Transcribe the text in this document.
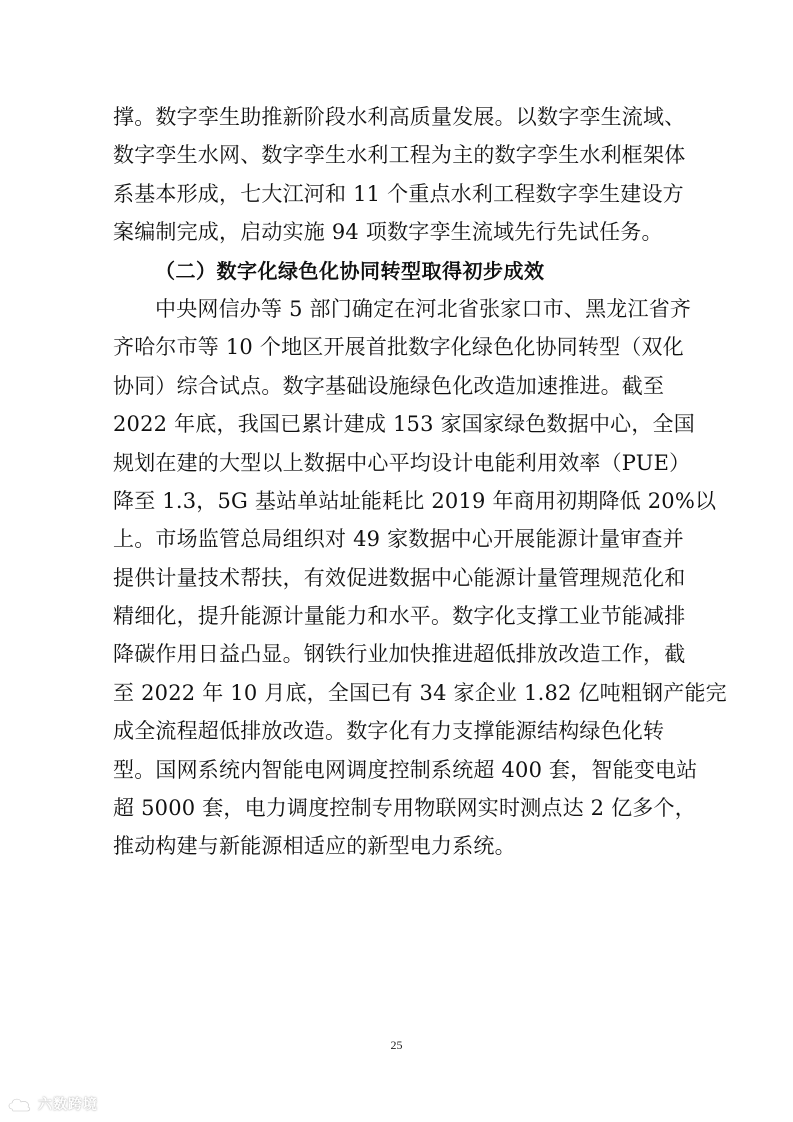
撑。数字孪生助推新阶段水利高质量发展。以数字孪生流域、
数字孪生水网、数字孪生水利工程为主的数字孪生水利框架体
系基本形成，七大江河和 11 个重点水利工程数字孪生建设方
案编制完成，启动实施 94 项数字孪生流域先行先试任务。
（二）数字化绿色化协同转型取得初步成效
中央网信办等 5 部门确定在河北省张家口市、黑龙江省齐
齐哈尔市等 10 个地区开展首批数字化绿色化协同转型（双化
协同）综合试点。数字基础设施绿色化改造加速推进。截至
2022 年底，我国已累计建成 153 家国家绿色数据中心，全国
规划在建的大型以上数据中心平均设计电能利用效率（PUE）
降至 1.3，5G 基站单站址能耗比 2019 年商用初期降低 20%以
上。市场监管总局组织对 49 家数据中心开展能源计量审查并
提供计量技术帮扶，有效促进数据中心能源计量管理规范化和
精细化，提升能源计量能力和水平。数字化支撑工业节能减排
降碳作用日益凸显。钢铁行业加快推进超低排放改造工作，截
至 2022 年 10 月底，全国已有 34 家企业 1.82 亿吨粗钢产能完
成全流程超低排放改造。数字化有力支撑能源结构绿色化转
型。国网系统内智能电网调度控制系统超 400 套，智能变电站
超 5000 套，电力调度控制专用物联网实时测点达 2 亿多个，
推动构建与新能源相适应的新型电力系统。
25
六数跨境
